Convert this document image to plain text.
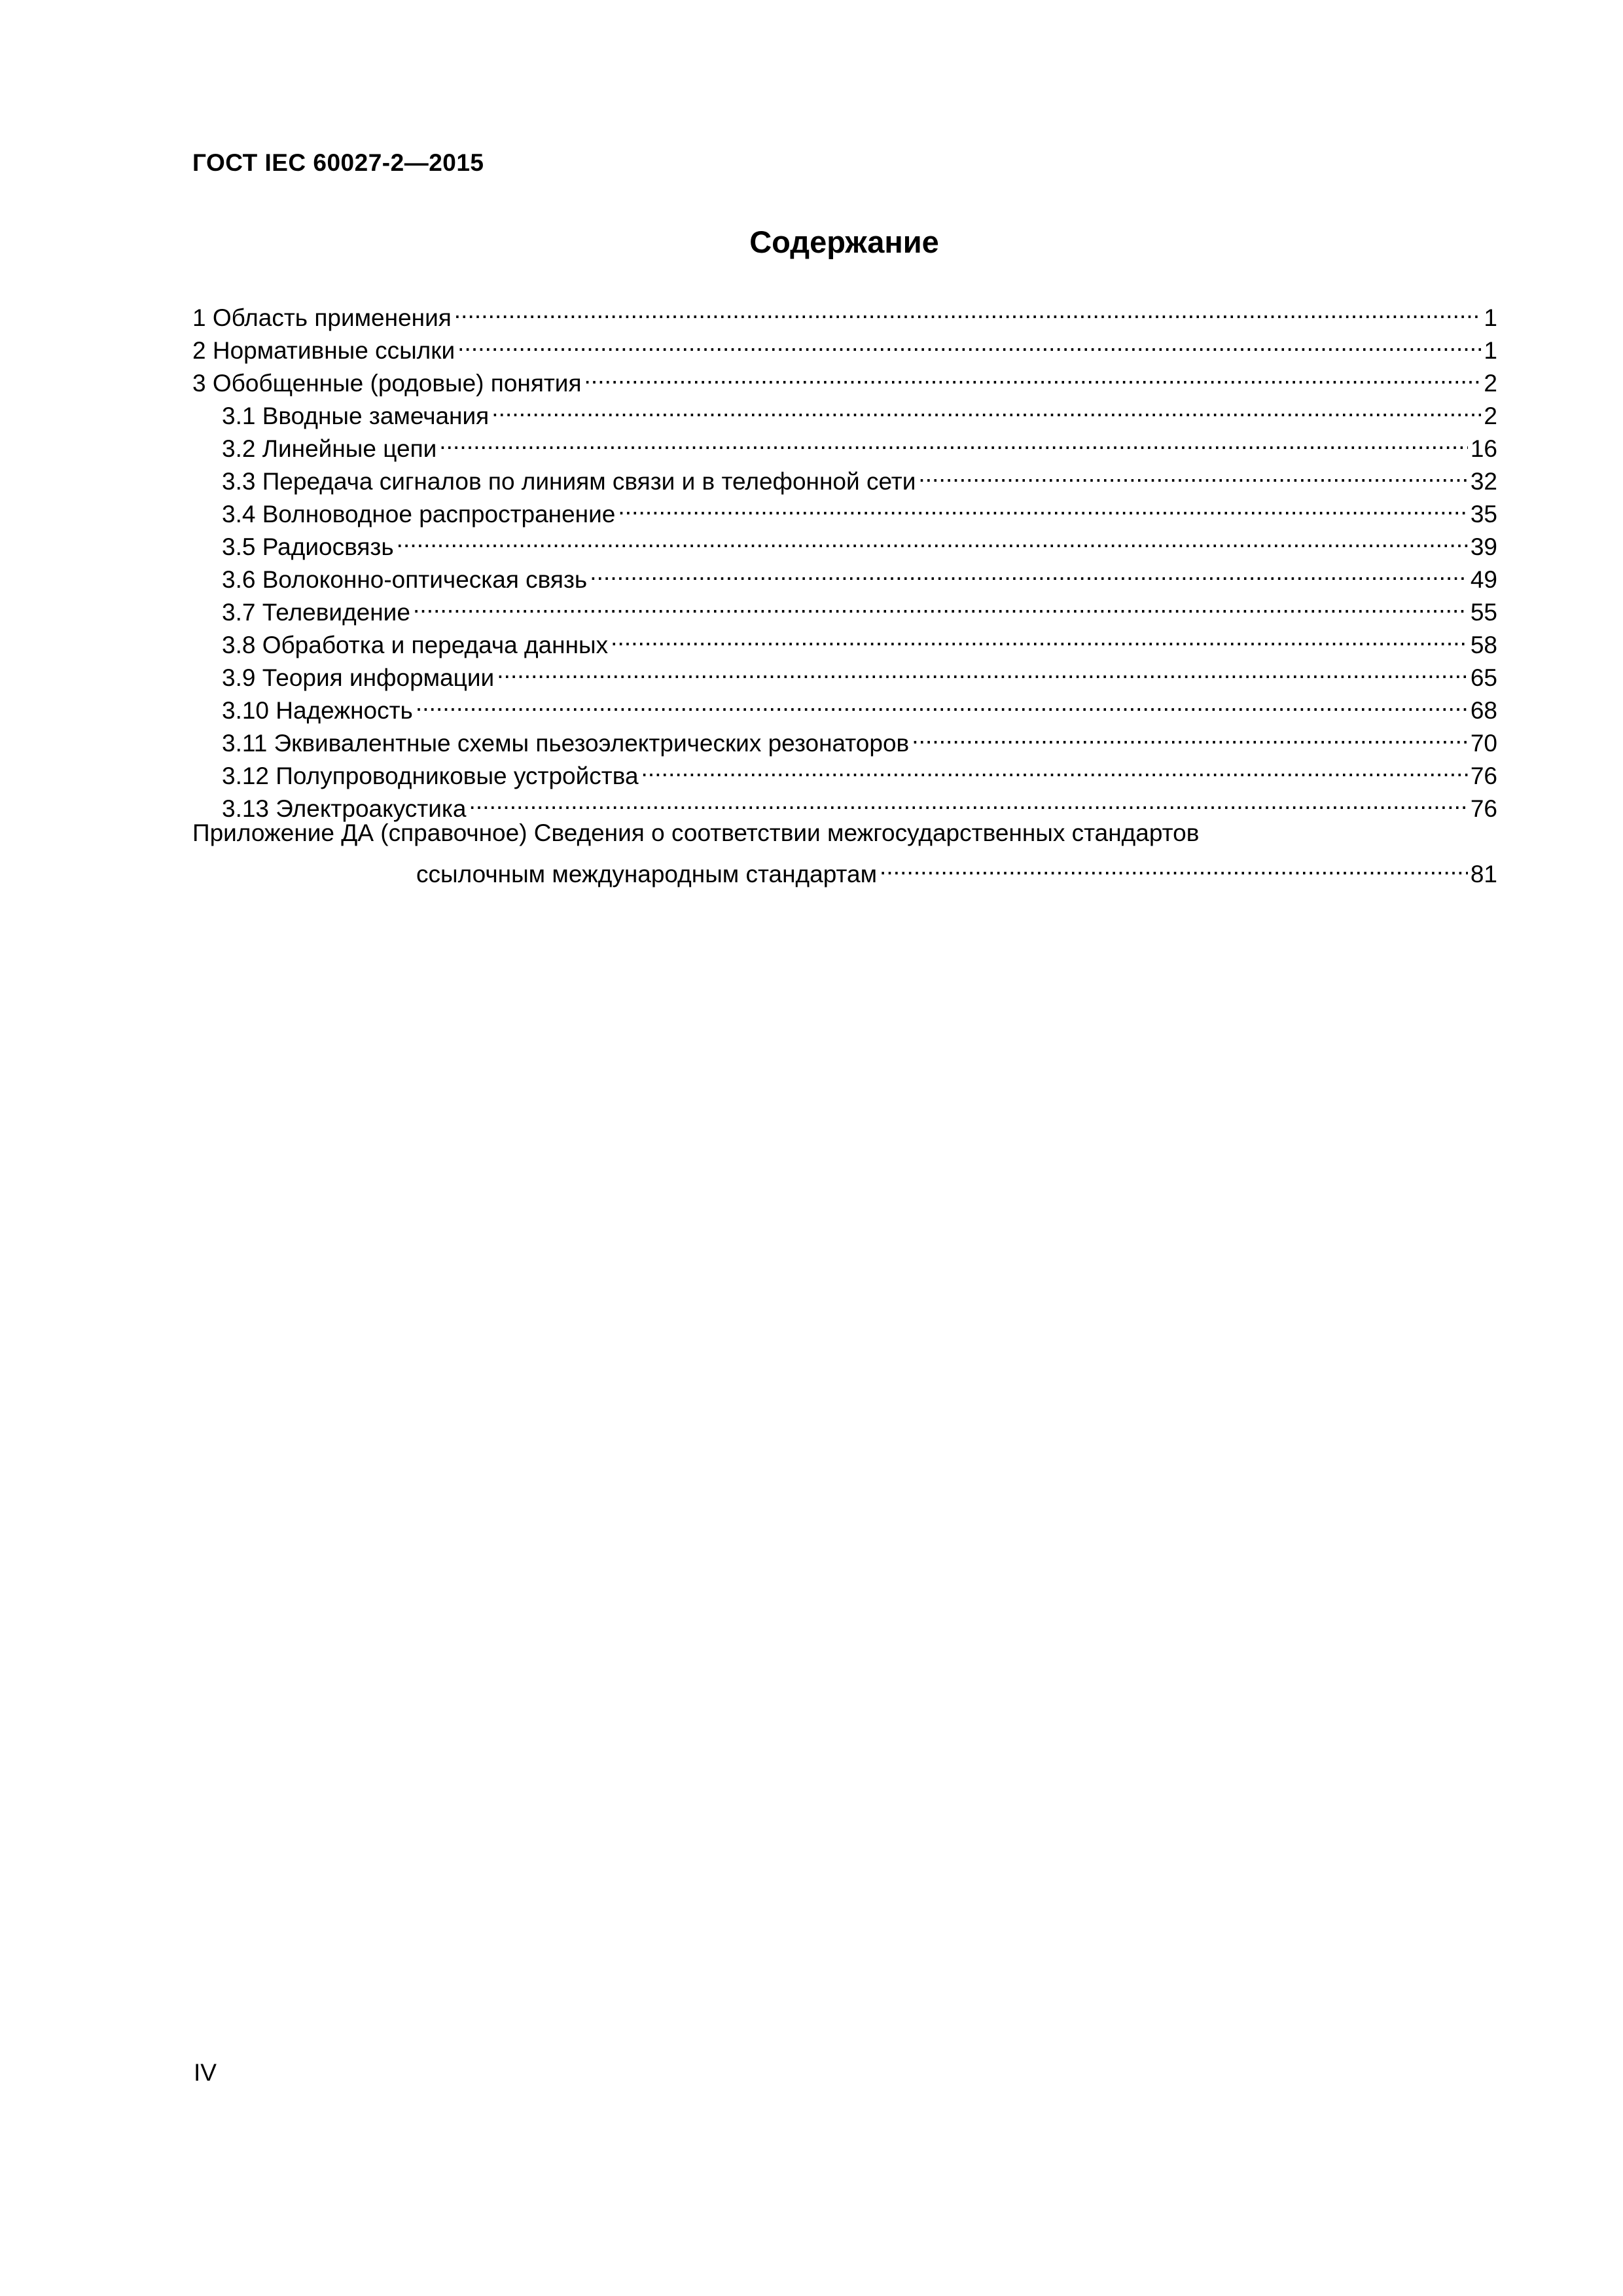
ГОСТ IEC 60027-2—2015
Содержание
1 Область применения .....	1
2 Нормативные ссылки .....	1
3 Обобщенные (родовые) понятия .....	2
3.1 Вводные замечания .....	2
3.2 Линейные цепи .....	16
3.3 Передача сигналов по линиям связи и в телефонной сети .....	32
3.4 Волноводное распространение .....	35
3.5 Радиосвязь .....	39
3.6 Волоконно-оптическая связь .....	49
3.7 Телевидение .....	55
3.8 Обработка и передача данных .....	58
3.9 Теория информации .....	65
3.10 Надежность .....	68
3.11 Эквивалентные схемы пьезоэлектрических резонаторов .....	70
3.12 Полупроводниковые устройства .....	76
3.13 Электроакустика .....	76
Приложение ДА (справочное) Сведения о соответствии межгосударственных стандартов
ссылочным международным стандартам .....	81
IV
